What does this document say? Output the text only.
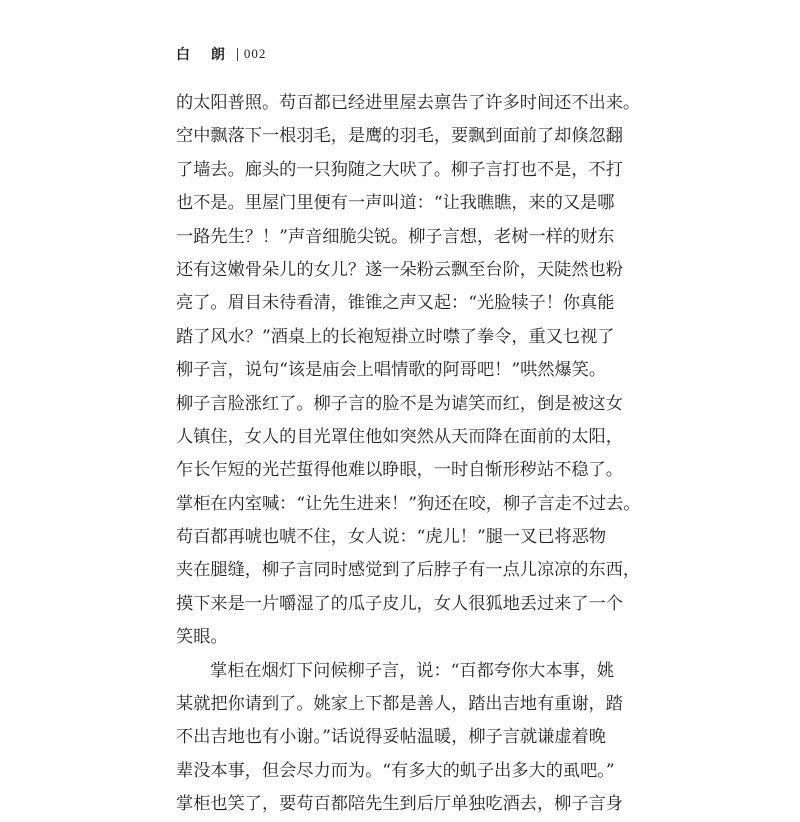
白 朗 002
的太阳普照。苟百都已经进里屋去禀告了许多时间还不出来。
空中飘落下一根羽毛，是鹰的羽毛，要飘到面前了却倏忽翻
了墙去。廊头的一只狗随之大吠了。柳子言打也不是，不打
也不是。里屋门里便有一声叫道：“让我瞧瞧，来的又是哪
一路先生？！”声音细脆尖锐。柳子言想，老树一样的财东
还有这嫩骨朵儿的女儿？遂一朵粉云飘至台阶，天陡然也粉
亮了。眉目未待看清，锥锥之声又起：“光脸犊子！你真能
踏了风水？”酒桌上的长袍短褂立时噤了拳令，重又乜视了
柳子言，说句“该是庙会上唱情歌的阿哥吧！”哄然爆笑。
柳子言脸涨红了。柳子言的脸不是为谑笑而红，倒是被这女
人镇住，女人的目光罩住他如突然从天而降在面前的太阳，
乍长乍短的光芒蜇得他难以睁眼，一时自惭形秽站不稳了。
掌柜在内室喊：“让先生进来！”狗还在咬，柳子言走不过去。
苟百都再唬也唬不住，女人说：“虎儿！”腿一叉已将恶物
夹在腿缝，柳子言同时感觉到了后脖子有一点儿凉凉的东西，
摸下来是一片嚼湿了的瓜子皮儿，女人很狐地丢过来了一个
笑眼。
掌柜在烟灯下问候柳子言，说：“百都夸你大本事，姚
某就把你请到了。姚家上下都是善人，踏出吉地有重谢，踏
不出吉地也有小谢。”话说得妥帖温暖，柳子言就谦虚着晚
辈没本事，但会尽力而为。“有多大的虮子出多大的虱吧。”
掌柜也笑了，要苟百都陪先生到后厅单独吃酒去，柳子言身
